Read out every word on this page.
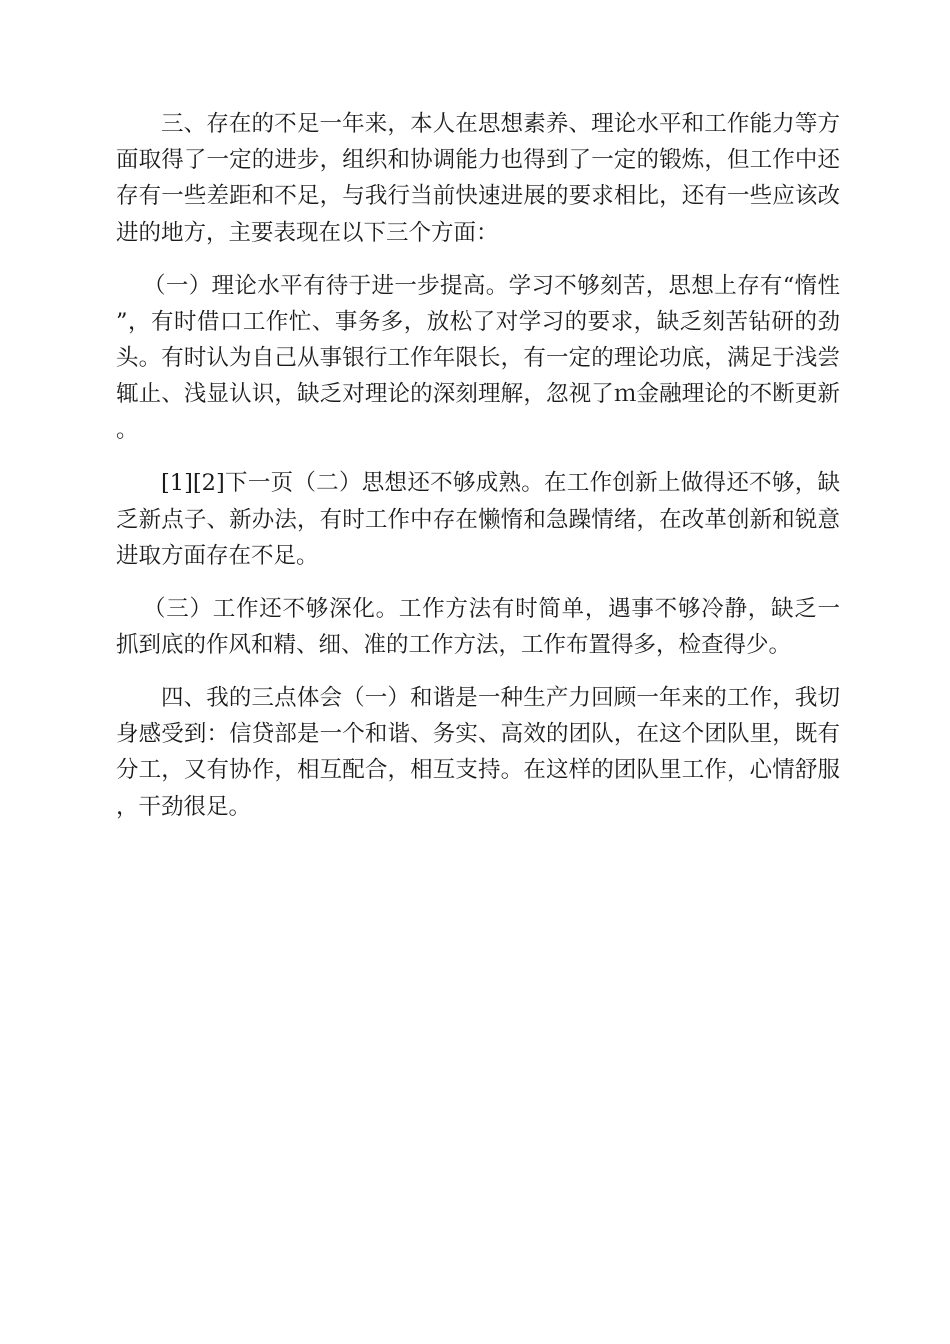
三、存在的不足一年来，本人在思想素养、理论水平和工作能力等方面取得了一定的进步，组织和协调能力也得到了一定的锻炼，但工作中还存有一些差距和不足，与我行当前快速进展的要求相比，还有一些应该改进的地方，主要表现在以下三个方面：

（一）理论水平有待于进一步提高。学习不够刻苦，思想上存有“惰性”，有时借口工作忙、事务多，放松了对学习的要求，缺乏刻苦钻研的劲头。有时认为自己从事银行工作年限长，有一定的理论功底，满足于浅尝辄止、浅显认识，缺乏对理论的深刻理解，忽视了ｍ金融理论的不断更新。

[1][2]下一页（二）思想还不够成熟。在工作创新上做得还不够，缺乏新点子、新办法，有时工作中存在懒惰和急躁情绪，在改革创新和锐意进取方面存在不足。

（三）工作还不够深化。工作方法有时简单，遇事不够冷静，缺乏一抓到底的作风和精、细、准的工作方法，工作布置得多，检查得少。

四、我的三点体会（一）和谐是一种生产力回顾一年来的工作，我切身感受到：信贷部是一个和谐、务实、高效的团队，在这个团队里，既有分工，又有协作，相互配合，相互支持。在这样的团队里工作，心情舒服，干劲很足。
